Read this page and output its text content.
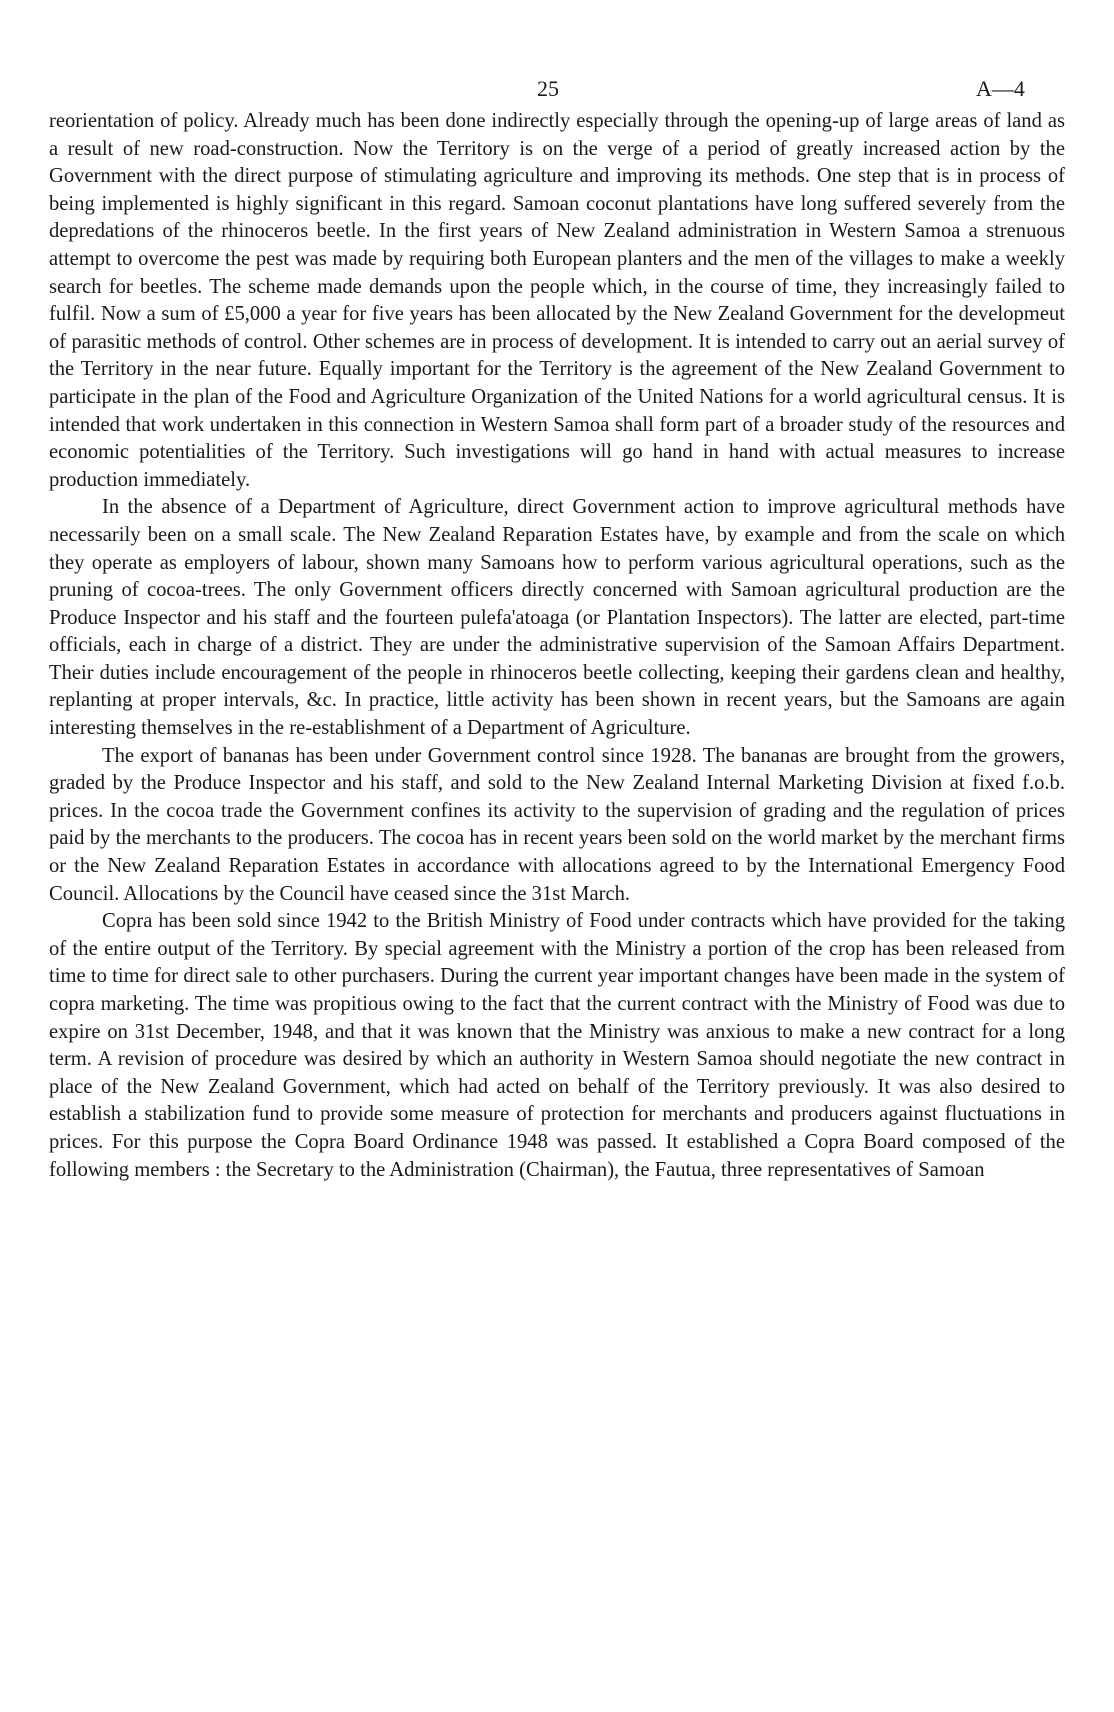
25	A—4

reorientation of policy. Already much has been done indirectly especially through the opening-up of large areas of land as a result of new road-construction. Now the Territory is on the verge of a period of greatly increased action by the Government with the direct purpose of stimulating agriculture and improving its methods. One step that is in process of being implemented is highly significant in this regard. Samoan coconut plantations have long suffered severely from the depredations of the rhinoceros beetle. In the first years of New Zealand administration in Western Samoa a strenuous attempt to overcome the pest was made by requiring both European planters and the men of the villages to make a weekly search for beetles. The scheme made demands upon the people which, in the course of time, they increasingly failed to fulfil. Now a sum of £5,000 a year for five years has been allocated by the New Zealand Government for the developmeut of parasitic methods of control. Other schemes are in process of development. It is intended to carry out an aerial survey of the Territory in the near future. Equally important for the Territory is the agreement of the New Zealand Government to participate in the plan of the Food and Agriculture Organization of the United Nations for a world agricultural census. It is intended that work undertaken in this connection in Western Samoa shall form part of a broader study of the resources and economic potentialities of the Territory. Such investigations will go hand in hand with actual measures to increase production immediately.

In the absence of a Department of Agriculture, direct Government action to improve agricultural methods have necessarily been on a small scale. The New Zealand Reparation Estates have, by example and from the scale on which they operate as employers of labour, shown many Samoans how to perform various agricultural operations, such as the pruning of cocoa-trees. The only Government officers directly concerned with Samoan agricultural production are the Produce Inspector and his staff and the fourteen pulefa'atoaga (or Plantation Inspectors). The latter are elected, part-time officials, each in charge of a district. They are under the administrative supervision of the Samoan Affairs Department. Their duties include encouragement of the people in rhinoceros beetle collecting, keeping their gardens clean and healthy, replanting at proper intervals, &c. In practice, little activity has been shown in recent years, but the Samoans are again interesting themselves in the re-establishment of a Department of Agriculture.

The export of bananas has been under Government control since 1928. The bananas are brought from the growers, graded by the Produce Inspector and his staff, and sold to the New Zealand Internal Marketing Division at fixed f.o.b. prices. In the cocoa trade the Government confines its activity to the supervision of grading and the regulation of prices paid by the merchants to the producers. The cocoa has in recent years been sold on the world market by the merchant firms or the New Zealand Reparation Estates in accordance with allocations agreed to by the International Emergency Food Council. Allocations by the Council have ceased since the 31st March.

Copra has been sold since 1942 to the British Ministry of Food under contracts which have provided for the taking of the entire output of the Territory. By special agreement with the Ministry a portion of the crop has been released from time to time for direct sale to other purchasers. During the current year important changes have been made in the system of copra marketing. The time was propitious owing to the fact that the current contract with the Ministry of Food was due to expire on 31st December, 1948, and that it was known that the Ministry was anxious to make a new contract for a long term. A revision of procedure was desired by which an authority in Western Samoa should negotiate the new contract in place of the New Zealand Government, which had acted on behalf of the Territory previously. It was also desired to establish a stabilization fund to provide some measure of protection for merchants and producers against fluctuations in prices. For this purpose the Copra Board Ordinance 1948 was passed. It established a Copra Board composed of the following members : the Secretary to the Administration (Chairman), the Fautua, three representatives of Samoan
